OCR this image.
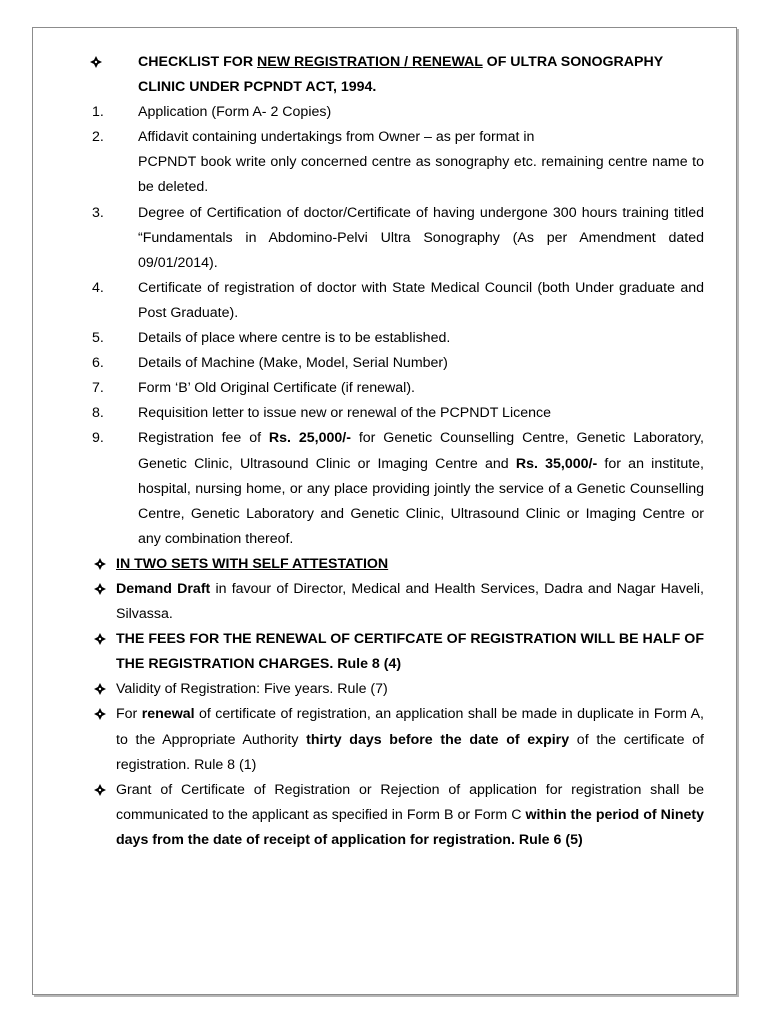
CHECKLIST FOR NEW REGISTRATION / RENEWAL OF ULTRA SONOGRAPHY
CLINIC UNDER PCPNDT ACT, 1994.
1. Application (Form A- 2 Copies)
2. Affidavit containing undertakings from Owner – as per format in
PCPNDT book write only concerned centre as sonography etc. remaining centre name to be deleted.
3. Degree of Certification of doctor/Certificate of having undergone 300 hours training titled “Fundamentals in Abdomino-Pelvi Ultra Sonography (As per Amendment dated 09/01/2014).
4. Certificate of registration of doctor with State Medical Council (both Under graduate and Post Graduate).
5. Details of place where centre is to be established.
6. Details of Machine (Make, Model, Serial Number)
7. Form ‘B’ Old Original Certificate (if renewal).
8. Requisition letter to issue new or renewal of the PCPNDT Licence
9. Registration fee of Rs. 25,000/- for Genetic Counselling Centre, Genetic Laboratory, Genetic Clinic, Ultrasound Clinic or Imaging Centre and Rs. 35,000/- for an institute, hospital, nursing home, or any place providing jointly the service of a Genetic Counselling Centre, Genetic Laboratory and Genetic Clinic, Ultrasound Clinic or Imaging Centre or any combination thereof.
IN TWO SETS WITH SELF ATTESTATION
Demand Draft in favour of Director, Medical and Health Services, Dadra and Nagar Haveli, Silvassa.
THE FEES FOR THE RENEWAL OF CERTIFCATE OF REGISTRATION WILL BE HALF OF THE REGISTRATION CHARGES. Rule 8 (4)
Validity of Registration: Five years. Rule (7)
For renewal of certificate of registration, an application shall be made in duplicate in Form A, to the Appropriate Authority thirty days before the date of expiry of the certificate of registration. Rule 8 (1)
Grant of Certificate of Registration or Rejection of application for registration shall be communicated to the applicant as specified in Form B or Form C within the period of Ninety days from the date of receipt of application for registration. Rule 6 (5)
